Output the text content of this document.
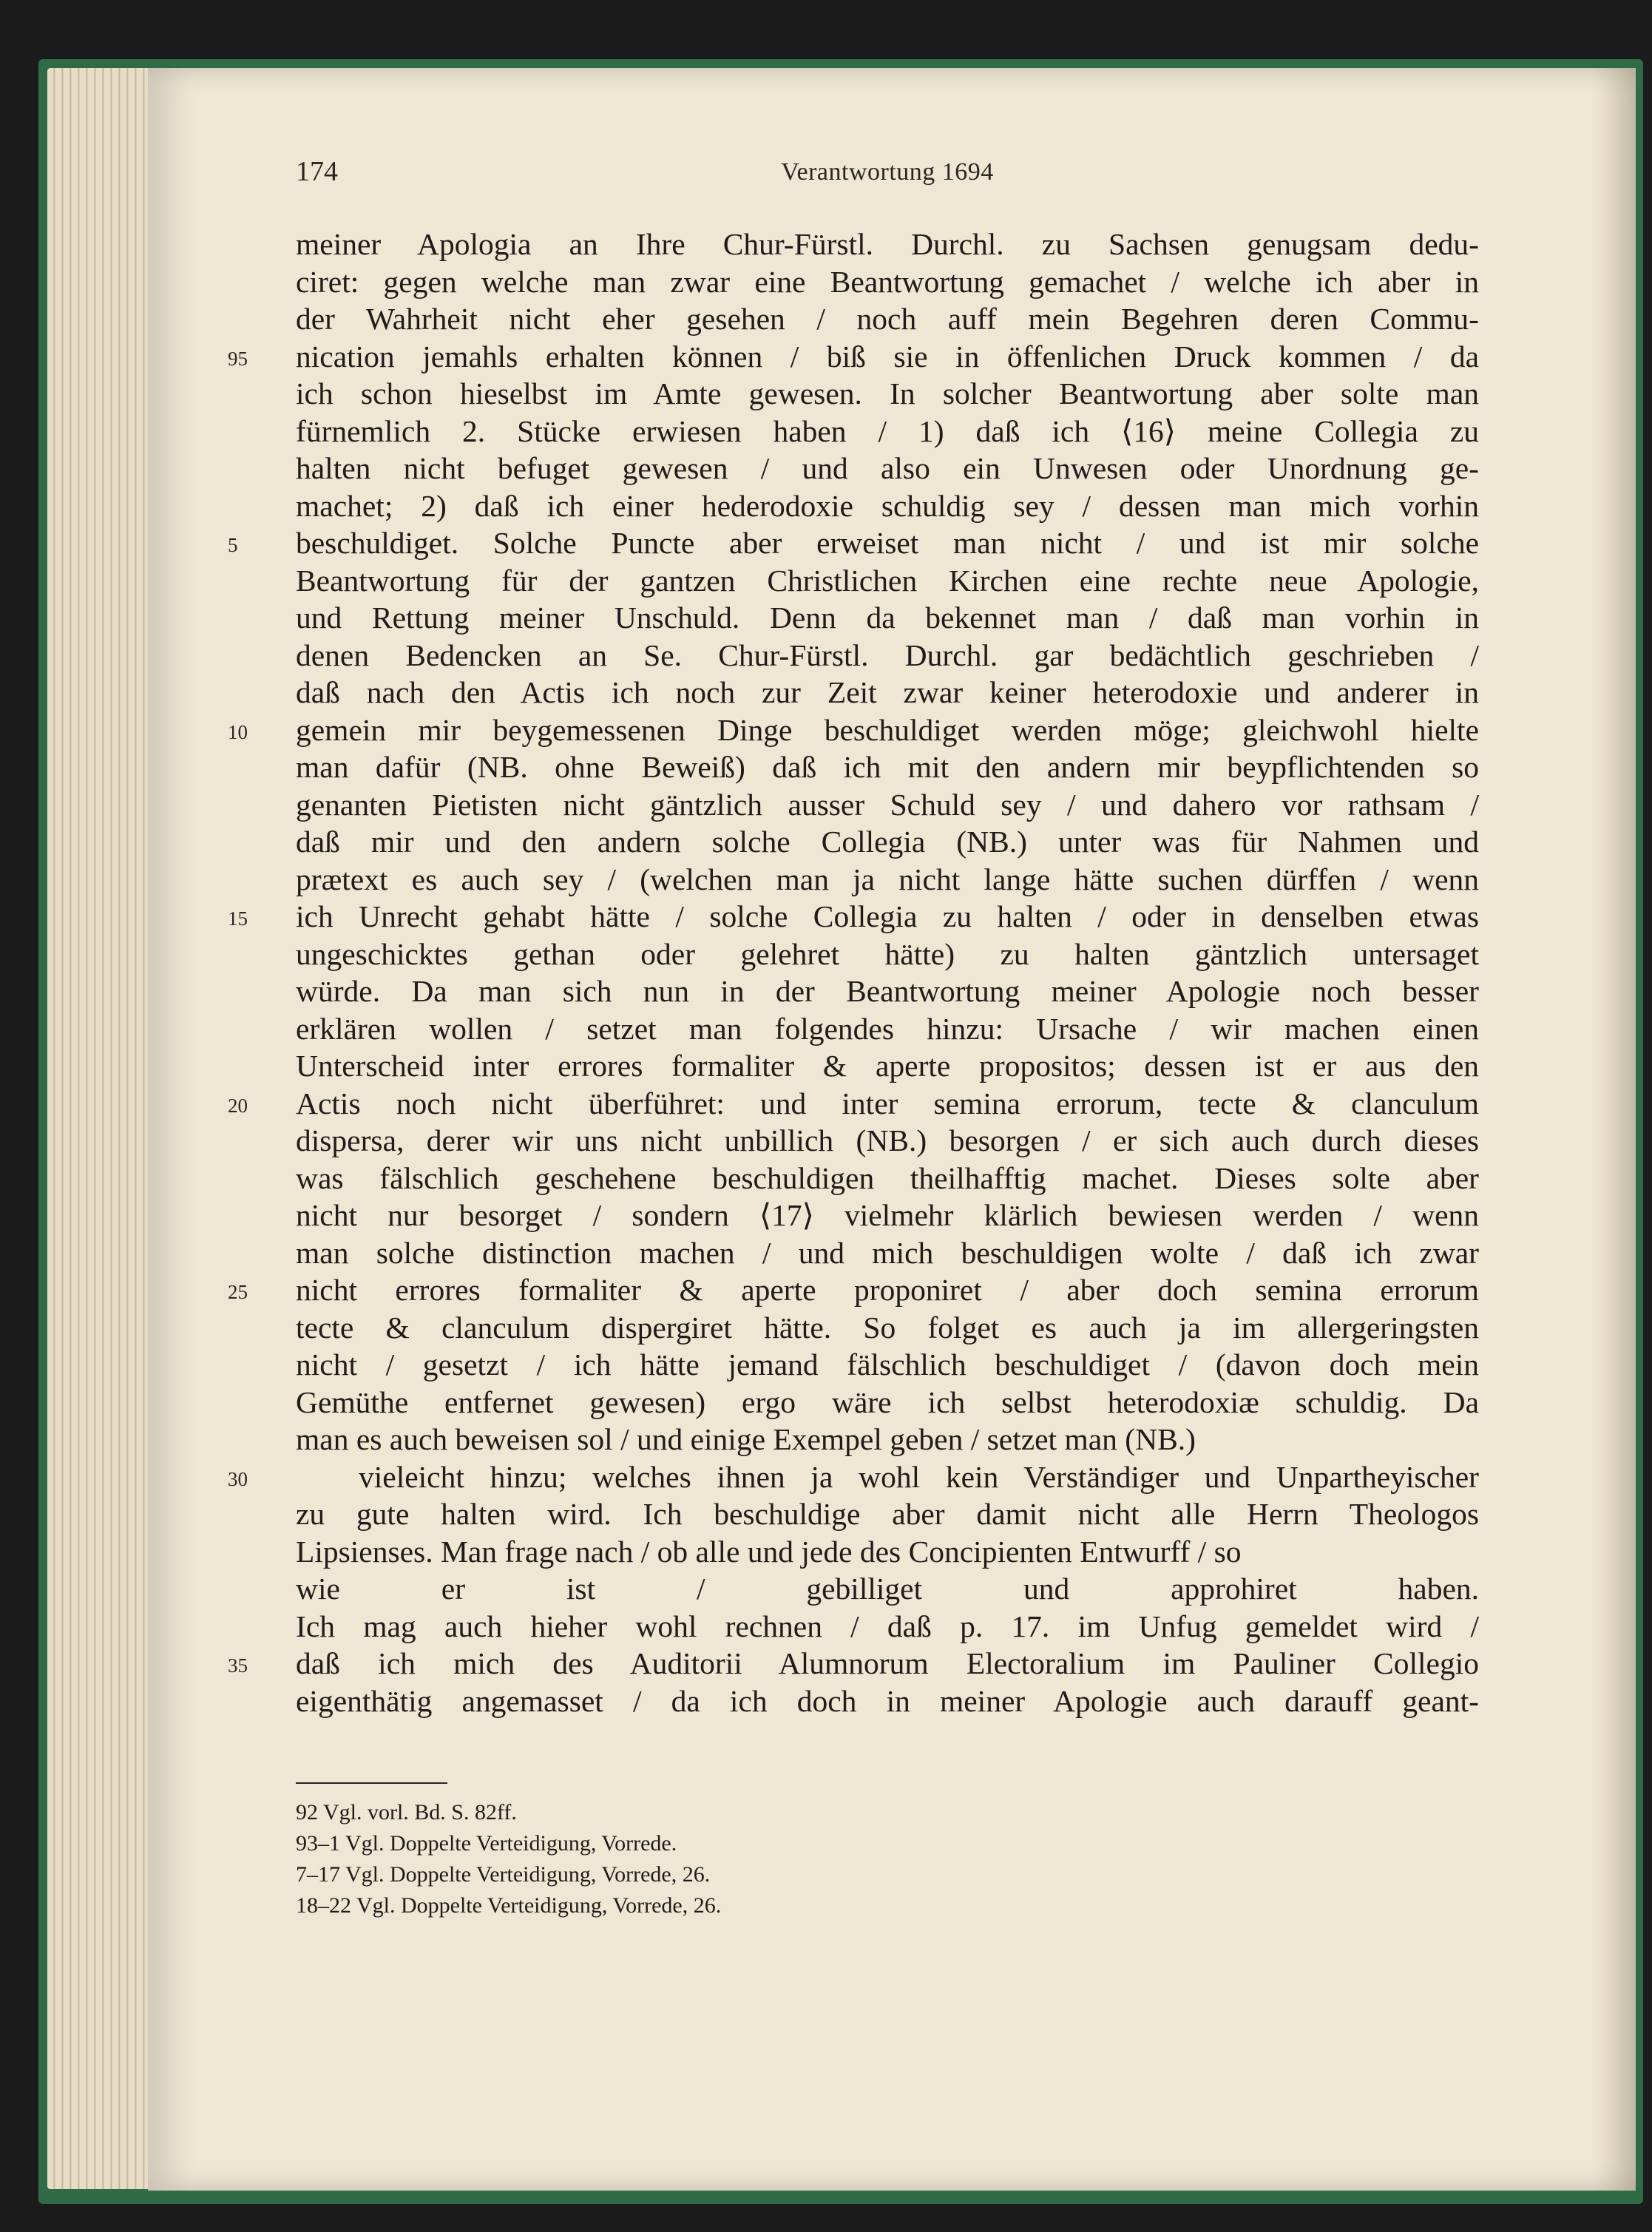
174	Verantwortung 1694
meiner Apologia an Ihre Chur-Fürstl. Durchl. zu Sachsen genugsam dedu-
ciret: gegen welche man zwar eine Beantwortung gemachet / welche ich aber in
der Wahrheit nicht eher gesehen / noch auff mein Begehren deren Commu-
95	nication jemahls erhalten können / biß sie in öffenlichen Druck kommen / da
ich schon hieselbst im Amte gewesen. In solcher Beantwortung aber solte man
fürnemlich 2. Stücke erwiesen haben / 1) daß ich ⟨16⟩ meine Collegia zu
halten nicht befuget gewesen / und also ein Unwesen oder Unordnung ge-
machet; 2) daß ich einer hederodoxie schuldig sey / dessen man mich vorhin
5	beschuldiget. Solche Puncte aber erweiset man nicht / und ist mir solche
Beantwortung für der gantzen Christlichen Kirchen eine rechte neue Apologie,
und Rettung meiner Unschuld. Denn da bekennet man / daß man vorhin in
denen Bedencken an Se. Chur-Fürstl. Durchl. gar bedächtlich geschrieben /
daß nach den Actis ich noch zur Zeit zwar keiner heterodoxie und anderer in
10	gemein mir beygemessenen Dinge beschuldiget werden möge; gleichwohl hielte
man dafür (NB. ohne Beweiß) daß ich mit den andern mir beypflichtenden so
genanten Pietisten nicht gäntzlich ausser Schuld sey / und dahero vor rathsam /
daß mir und den andern solche Collegia (NB.) unter was für Nahmen und
prætext es auch sey / (welchen man ja nicht lange hätte suchen dürffen / wenn
15	ich Unrecht gehabt hätte / solche Collegia zu halten / oder in denselben etwas
ungeschicktes gethan oder gelehret hätte) zu halten gäntzlich untersaget
würde. Da man sich nun in der Beantwortung meiner Apologie noch besser
erklären wollen / setzet man folgendes hinzu: Ursache / wir machen einen
Unterscheid inter errores formaliter & aperte propositos; dessen ist er aus den
20	Actis noch nicht überführet: und inter semina errorum, tecte & clanculum
dispersa, derer wir uns nicht unbillich (NB.) besorgen / er sich auch durch dieses
was fälschlich geschehene beschuldigen theilhafftig machet. Dieses solte aber
nicht nur besorget / sondern ⟨17⟩ vielmehr klärlich bewiesen werden / wenn
man solche distinction machen / und mich beschuldigen wolte / daß ich zwar
25	nicht errores formaliter & aperte proponiret / aber doch semina errorum
tecte & clanculum dispergiret hätte. So folget es auch ja im allergeringsten
nicht / gesetzt / ich hätte jemand fälschlich beschuldiget / (davon doch mein
Gemüthe entfernet gewesen) ergo wäre ich selbst heterodoxiæ schuldig. Da
man es auch beweisen sol / und einige Exempel geben / setzet man (NB.)
30	vieleicht hinzu; welches ihnen ja wohl kein Verständiger und Unpartheyischer
zu gute halten wird. Ich beschuldige aber damit nicht alle Herrn Theologos
Lipsienses. Man frage nach / ob alle und jede des Concipienten Entwurff / so
wie er ist / gebilliget und approhiret haben.
Ich mag auch hieher wohl rechnen / daß p. 17. im Unfug gemeldet wird /
35	daß ich mich des Auditorii Alumnorum Electoralium im Pauliner Collegio
eigenthätig angemasset / da ich doch in meiner Apologie auch darauff geant-
92 Vgl. vorl. Bd. S. 82ff.
93–1 Vgl. Doppelte Verteidigung, Vorrede.
7–17 Vgl. Doppelte Verteidigung, Vorrede, 26.
18–22 Vgl. Doppelte Verteidigung, Vorrede, 26.
